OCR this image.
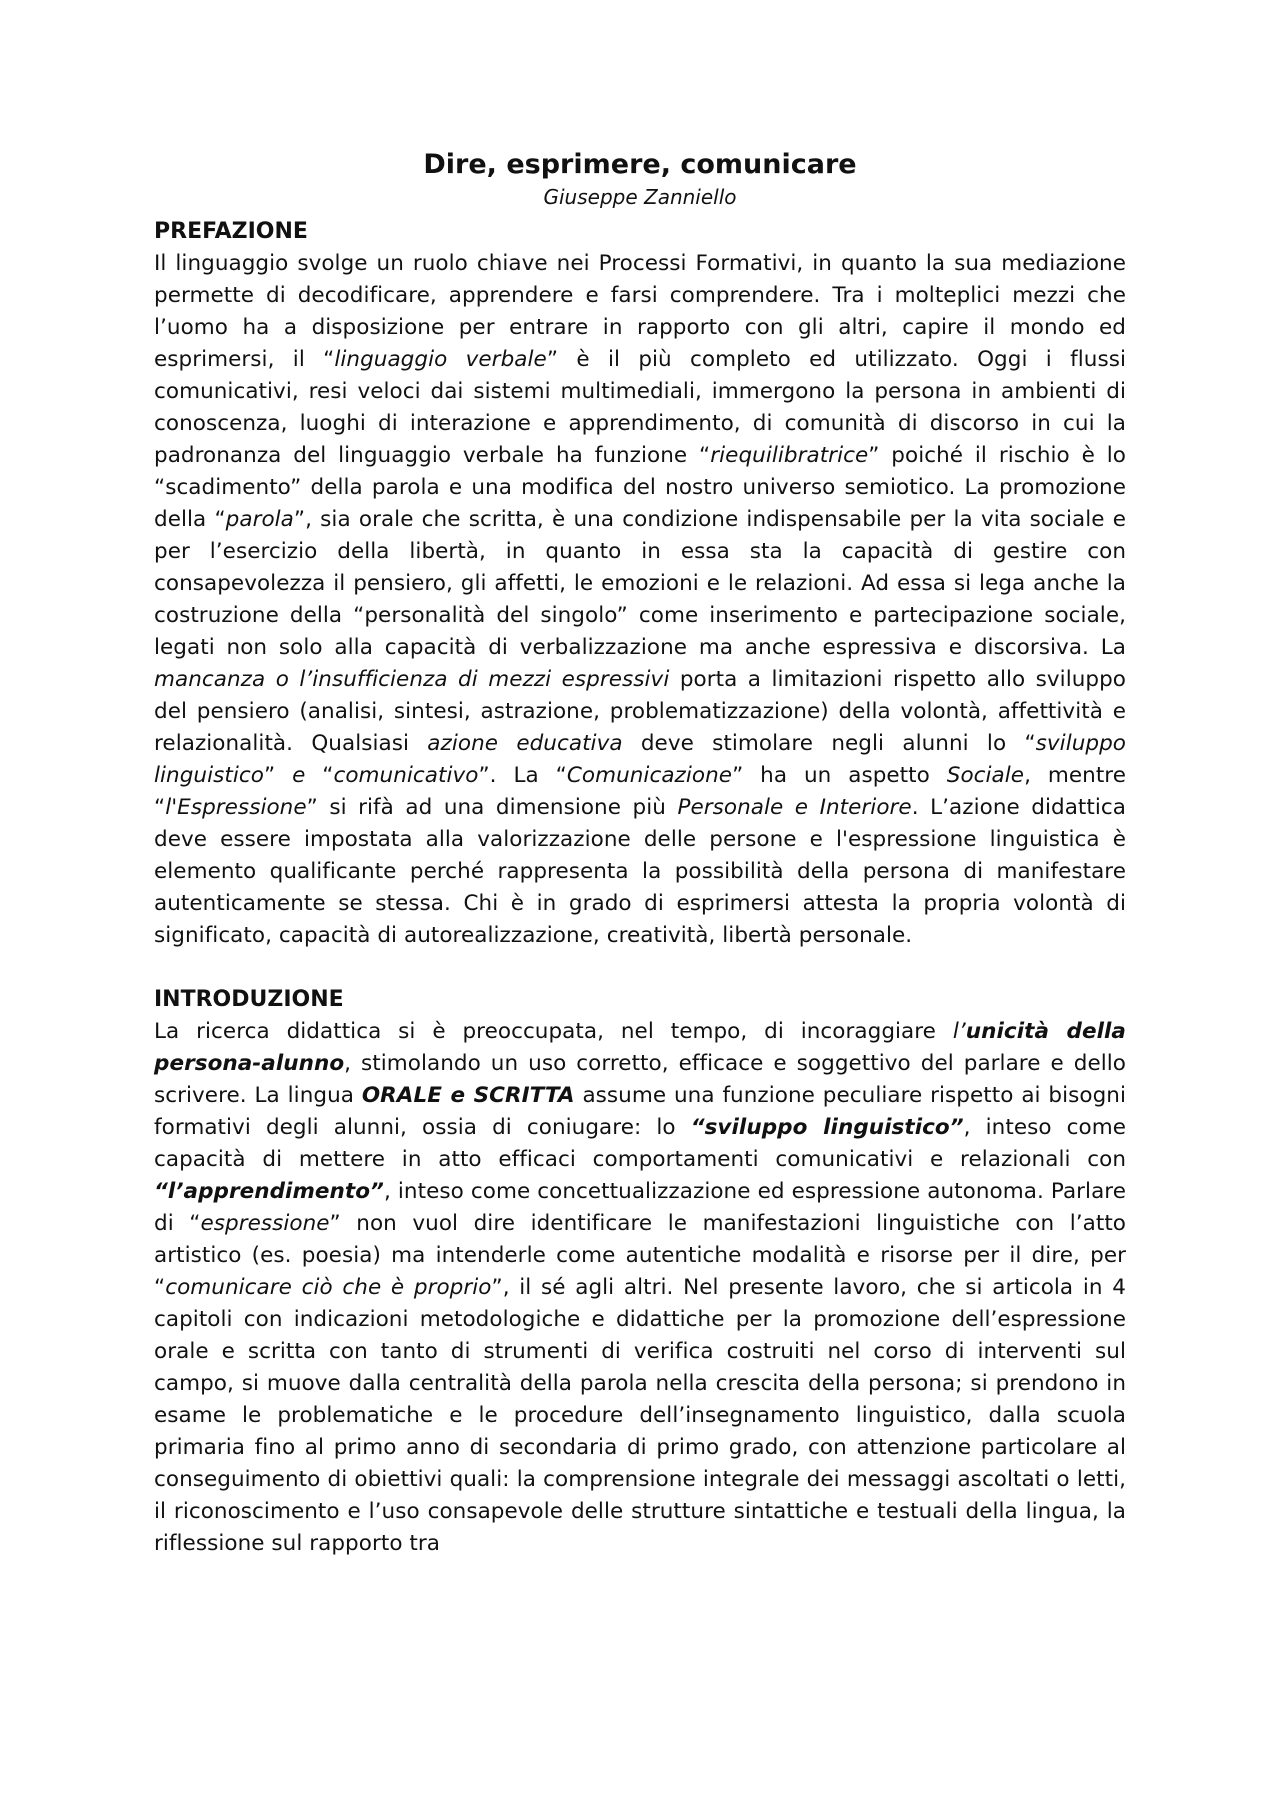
Dire, esprimere, comunicare
Giuseppe Zanniello
PREFAZIONE

Il linguaggio svolge un ruolo chiave nei Processi Formativi, in quanto la sua mediazione permette di decodificare, apprendere e farsi comprendere. Tra i molteplici mezzi che l’uomo ha a disposizione per entrare in rapporto con gli altri, capire il mondo ed esprimersi, il “linguaggio verbale” è il più completo ed utilizzato. Oggi i flussi comunicativi, resi veloci dai sistemi multimediali, immergono la persona in ambienti di conoscenza, luoghi di interazione e apprendimento, di comunità di discorso in cui la padronanza del linguaggio verbale ha funzione “riequilibratrice” poiché il rischio è lo “scadimento” della parola e una modifica del nostro universo semiotico. La promozione della “parola”, sia orale che scritta, è una condizione indispensabile per la vita sociale e per l’esercizio della libertà, in quanto in essa sta la capacità di gestire con consapevolezza il pensiero, gli affetti, le emozioni e le relazioni. Ad essa si lega anche la costruzione della “personalità del singolo” come inserimento e partecipazione sociale, legati non solo alla capacità di verbalizzazione ma anche espressiva e discorsiva. La mancanza o l’insufficienza di mezzi espressivi porta a limitazioni rispetto allo sviluppo del pensiero (analisi, sintesi, astrazione, problematizzazione) della volontà, affettività e relazionalità. Qualsiasi azione educativa deve stimolare negli alunni lo “sviluppo linguistico” e “comunicativo”. La “Comunicazione” ha un aspetto Sociale, mentre “l'Espressione” si rifà ad una dimensione più Personale e Interiore. L’azione didattica deve essere impostata alla valorizzazione delle persone e l'espressione linguistica è elemento qualificante perché rappresenta la possibilità della persona di manifestare autenticamente se stessa. Chi è in grado di esprimersi attesta la propria volontà di significato, capacità di autorealizzazione, creatività, libertà personale.

INTRODUZIONE

La ricerca didattica si è preoccupata, nel tempo, di incoraggiare l’unicità della persona-alunno, stimolando un uso corretto, efficace e soggettivo del parlare e dello scrivere. La lingua ORALE e SCRITTA assume una funzione peculiare rispetto ai bisogni formativi degli alunni, ossia di coniugare: lo “sviluppo linguistico”, inteso come capacità di mettere in atto efficaci comportamenti comunicativi e relazionali con “l’apprendimento”, inteso come concettualizzazione ed espressione autonoma. Parlare di “espressione” non vuol dire identificare le manifestazioni linguistiche con l’atto artistico (es. poesia) ma intenderle come autentiche modalità e risorse per il dire, per “comunicare ciò che è proprio”, il sé agli altri. Nel presente lavoro, che si articola in 4 capitoli con indicazioni metodologiche e didattiche per la promozione dell’espressione orale e scritta con tanto di strumenti di verifica costruiti nel corso di interventi sul campo, si muove dalla centralità della parola nella crescita della persona; si prendono in esame le problematiche e le procedure dell’insegnamento linguistico, dalla scuola primaria fino al primo anno di secondaria di primo grado, con attenzione particolare al conseguimento di obiettivi quali: la comprensione integrale dei messaggi ascoltati o letti, il riconoscimento e l’uso consapevole delle strutture sintattiche e testuali della lingua, la riflessione sul rapporto tra
